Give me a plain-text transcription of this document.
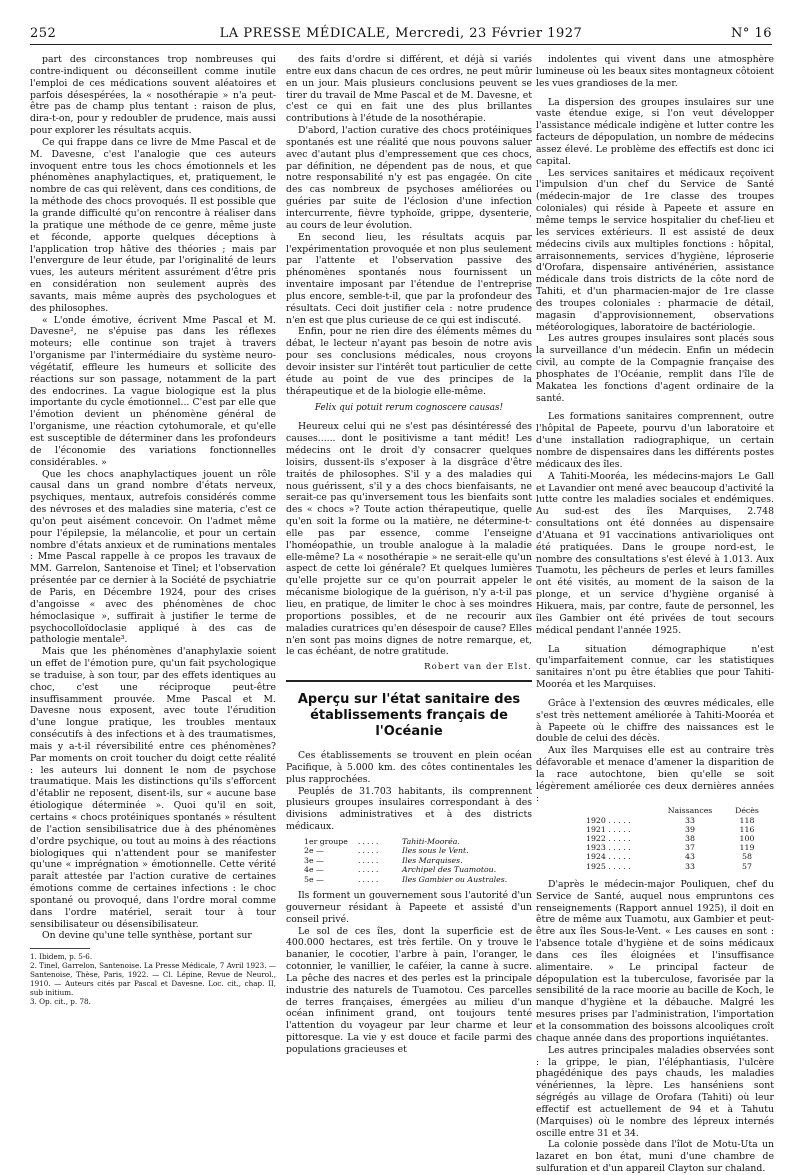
252	LA PRESSE MÉDICALE, Mercredi, 23 Février 1927	N° 16

part des circonstances trop nombreuses qui contre-indiquent ou déconseillent comme inutile l'emploi de ces médications souvent aléatoires et parfois désespérées, la « nosothérapie » n'a peut-être pas de champ plus tentant : raison de plus, dira-t-on, pour y redoubler de prudence, mais aussi pour explorer les résultats acquis.

Ce qui frappe dans ce livre de Mme Pascal et de M. Davesne, c'est l'analogie que ces auteurs invoquent entre tous les chocs émotionnels et les phénomènes anaphylactiques, et, pratiquement, le nombre de cas qui relèvent, dans ces conditions, de la méthode des chocs provoqués. Il est possible que la grande difficulté qu'on rencontre à réaliser dans la pratique une méthode de ce genre, même juste et féconde, apporte quelques déceptions à l'application trop hâtive des théories ; mais par l'envergure de leur étude, par l'originalité de leurs vues, les auteurs méritent assurément d'être pris en considération non seulement auprès des savants, mais même auprès des psychologues et des philosophes.

« L'onde émotive, écrivent Mme Pascal et M. Davesne², ne s'épuise pas dans les réflexes moteurs; elle continue son trajet à travers l'organisme par l'intermédiaire du système neuro-végétatif, effleure les humeurs et sollicite des réactions sur son passage, notamment de la part des endocrines. La vague biologique est la plus importante du cycle émotionnel... C'est par elle que l'émotion devient un phénomène général de l'organisme, une réaction cytohumorale, et qu'elle est susceptible de déterminer dans les profondeurs de l'économie des variations fonctionnelles considérables. »

Que les chocs anaphylactiques jouent un rôle causal dans un grand nombre d'états nerveux, psychiques, mentaux, autrefois considérés comme des névroses et des maladies sine materia, c'est ce qu'on peut aisément concevoir. On l'admet même pour l'épilepsie, la mélancolie, et pour un certain nombre d'états anxieux et de ruminations mentales : Mme Pascal rappelle à ce propos les travaux de MM. Garrelon, Santenoise et Tinel; et l'observation présentée par ce dernier à la Société de psychiatrie de Paris, en Décembre 1924, pour des crises d'angoisse « avec des phénomènes de choc hémoclasique », suffirait à justifier le terme de psychocolloïdoclasie appliqué à des cas de pathologie mentale³.

Mais que les phénomènes d'anaphylaxie soient un effet de l'émotion pure, qu'un fait psychologique se traduise, à son tour, par des effets identiques au choc, c'est une réciproque peut-être insuffisamment prouvée. Mme Pascal et M. Davesne nous exposent, avec toute l'érudition d'une longue pratique, les troubles mentaux consécutifs à des infections et à des traumatismes, mais y a-t-il réversibilité entre ces phénomènes? Par moments on croit toucher du doigt cette réalité : les auteurs lui donnent le nom de psychose traumatique. Mais les distinctions qu'ils s'efforcent d'établir ne reposent, disent-ils, sur « aucune base étiologique déterminée ». Quoi qu'il en soit, certains « chocs protéiniques spontanés » résultent de l'action sensibilisatrice due à des phénomènes d'ordre psychique, ou tout au moins à des réactions biologiques qui n'attendent pour se manifester qu'une « imprégnation » émotionnelle. Cette vérité paraît attestée par l'action curative de certaines émotions comme de certaines infections : le choc spontané ou provoqué, dans l'ordre moral comme dans l'ordre matériel, serait tour à tour sensibilisateur ou désensibilisateur.

On devine qu'une telle synthèse, portant sur

1. Ibidem, p. 5-6.

2. Tinel, Garrelon, Santenoise. La Presse Médicale, 7 Avril 1923. — Santenoise, Thèse, Paris, 1922. — Cl. Lépine, Revue de Neurol., 1910. — Auteurs cités par Pascal et Davesne. Loc. cit., chap. II, sub initium.

3. Op. cit., p. 78.

des faits d'ordre si différent, et déjà si variés entre eux dans chacun de ces ordres, ne peut mûrir en un jour. Mais plusieurs conclusions peuvent se tirer du travail de Mme Pascal et de M. Davesne, et c'est ce qui en fait une des plus brillantes contributions à l'étude de la nosothérapie.

D'abord, l'action curative des chocs protéiniques spontanés est une réalité que nous pouvons saluer avec d'autant plus d'empressement que ces chocs, par définition, ne dépendent pas de nous, et que notre responsabilité n'y est pas engagée. On cite des cas nombreux de psychoses améliorées ou guéries par suite de l'éclosion d'une infection intercurrente, fièvre typhoïde, grippe, dysenterie, au cours de leur évolution.

En second lieu, les résultats acquis par l'expérimentation provoquée et non plus seulement par l'attente et l'observation passive des phénomènes spontanés nous fournissent un inventaire imposant par l'étendue de l'entreprise plus encore, semble-t-il, que par la profondeur des résultats. Ceci doit justifier cela : notre prudence n'en est que plus curieuse de ce qui est indiscuté.

Enfin, pour ne rien dire des éléments mêmes du débat, le lecteur n'ayant pas besoin de notre avis pour ses conclusions médicales, nous croyons devoir insister sur l'intérêt tout particulier de cette étude au point de vue des principes de la thérapeutique et de la biologie elle-même.

Felix qui potuit rerum cognoscere causas!

Heureux celui qui ne s'est pas désintéressé des causes...... dont le positivisme a tant médit! Les médecins ont le droit d'y consacrer quelques loisirs, dussent-ils s'exposer à la disgrâce d'être traités de philosophes. S'il y a des maladies qui nous guérissent, s'il y a des chocs bienfaisants, ne serait-ce pas qu'inversement tous les bienfaits sont des « chocs »? Toute action thérapeutique, quelle qu'en soit la forme ou la matière, ne détermine-t-elle pas par essence, comme l'enseigne l'homéopathie, un trouble analogue à la maladie elle-même? La « nosothérapie » ne serait-elle qu'un aspect de cette loi générale? Et quelques lumières qu'elle projette sur ce qu'on pourrait appeler le mécanisme biologique de la guérison, n'y a-t-il pas lieu, en pratique, de limiter le choc à ses moindres proportions possibles, et de ne recourir aux maladies curatrices qu'en désespoir de cause? Elles n'en sont pas moins dignes de notre remarque, et, le cas échéant, de notre gratitude.

Robert van der Elst.

Aperçu sur l'état sanitaire des établissements français de l'Océanie

Ces établissements se trouvent en plein océan Pacifique, à 5.000 km. des côtes continentales les plus rapprochées.

Peuplés de 31.703 habitants, ils comprennent plusieurs groupes insulaires correspondant à des divisions administratives et à des districts médicaux.

1er groupe	.....	Tahiti-Mooréa.
2e —	.....	Iles sous le Vent.
3e —	.....	Iles Marquises.
4e —	.....	Archipel des Tuamotou.
5e —	.....	Iles Gambier ou Australes.

Ils forment un gouvernement sous l'autorité d'un gouverneur résidant à Papeete et assisté d'un conseil privé.

Le sol de ces îles, dont la superficie est de 400.000 hectares, est très fertile. On y trouve le bananier, le cocotier, l'arbre à pain, l'oranger, le cotonnier, le vanillier, le caféier, la canne à sucre. La pêche des nacres et des perles est la principale industrie des naturels de Tuamotou. Ces parcelles de terres françaises, émergées au milieu d'un océan infiniment grand, ont toujours tenté l'attention du voyageur par leur charme et leur pittoresque. La vie y est douce et facile parmi des populations gracieuses et

indolentes qui vivent dans une atmosphère lumineuse où les beaux sites montagneux côtoient les vues grandioses de la mer.

La dispersion des groupes insulaires sur une vaste étendue exige, si l'on veut développer l'assistance médicale indigène et lutter contre les facteurs de dépopulation, un nombre de médecins assez élevé. Le problème des effectifs est donc ici capital.

Les services sanitaires et médicaux reçoivent l'impulsion d'un chef du Service de Santé (médecin-major de 1re classe des troupes coloniales) qui réside à Papeete et assure en même temps le service hospitalier du chef-lieu et les services extérieurs. Il est assisté de deux médecins civils aux multiples fonctions : hôpital, arraisonnements, services d'hygiène, léproserie d'Orofara, dispensaire antivénérien, assistance médicale dans trois districts de la côte nord de Tahiti, et d'un pharmacien-major de 1re classe des troupes coloniales : pharmacie de détail, magasin d'approvisionnement, observations météorologiques, laboratoire de bactériologie.

Les autres groupes insulaires sont placés sous la surveillance d'un médecin. Enfin un médecin civil, au compte de la Compagnie française des phosphates de l'Océanie, remplit dans l'île de Makatea les fonctions d'agent ordinaire de la santé.

Les formations sanitaires comprennent, outre l'hôpital de Papeete, pourvu d'un laboratoire et d'une installation radiographique, un certain nombre de dispensaires dans les différents postes médicaux des îles.

A Tahiti-Mooréa, les médecins-majors Le Gall et Lavandier ont mené avec beaucoup d'activité la lutte contre les maladies sociales et endémiques. Au sud-est des îles Marquises, 2.748 consultations ont été données au dispensaire d'Atuana et 91 vaccinations antivarioliques ont été pratiquées. Dans le groupe nord-est, le nombre des consultations s'est élevé à 1.013. Aux Tuamotu, les pêcheurs de perles et leurs familles ont été visités, au moment de la saison de la plonge, et un service d'hygiène organisé à Hikuera, mais, par contre, faute de personnel, les îles Gambier ont été privées de tout secours médical pendant l'année 1925.

La situation démographique n'est qu'imparfaitement connue, car les statistiques sanitaires n'ont pu être établies que pour Tahiti-Mooréa et les Marquises.

Grâce à l'extension des œuvres médicales, elle s'est très nettement améliorée à Tahiti-Mooréa et à Papeete où le chiffre des naissances est le double de celui des décès.

Aux îles Marquises elle est au contraire très défavorable et menace d'amener la disparition de la race autochtone, bien qu'elle se soit légèrement améliorée ces deux dernières années :

Naissances	Décès
1920 . . . . .	33	118
1921 . . . . .	39	116
1922 . . . . .	38	100
1923 . . . . .	37	119
1924 . . . . .	43	58
1925 . . . . .	33	57

D'après le médecin-major Pouliquen, chef du Service de Santé, auquel nous empruntons ces renseignements (Rapport annuel 1925), il doit en être de même aux Tuamotu, aux Gambier et peut-être aux îles Sous-le-Vent. « Les causes en sont : l'absence totale d'hygiène et de soins médicaux dans ces îles éloignées et l'insuffisance alimentaire. » Le principal facteur de dépopulation est la tuberculose, favorisée par la sensibilité de la race moorie au bacille de Koch, le manque d'hygiène et la débauche. Malgré les mesures prises par l'administration, l'importation et la consommation des boissons alcooliques croît chaque année dans des proportions inquiétantes.

Les autres principales maladies observées sont : la grippe, le pian, l'éléphantiasis, l'ulcère phagédénique des pays chauds, les maladies vénériennes, la lèpre. Les hanséniens sont ségrégés au village de Orofara (Tahiti) où leur effectif est actuellement de 94 et à Tahutu (Marquises) où le nombre des lépreux internés oscille entre 31 et 34.

La colonie possède dans l'îlot de Motu-Uta un lazaret en bon état, muni d'une chambre de sulfuration et d'un appareil Clayton sur chaland.
